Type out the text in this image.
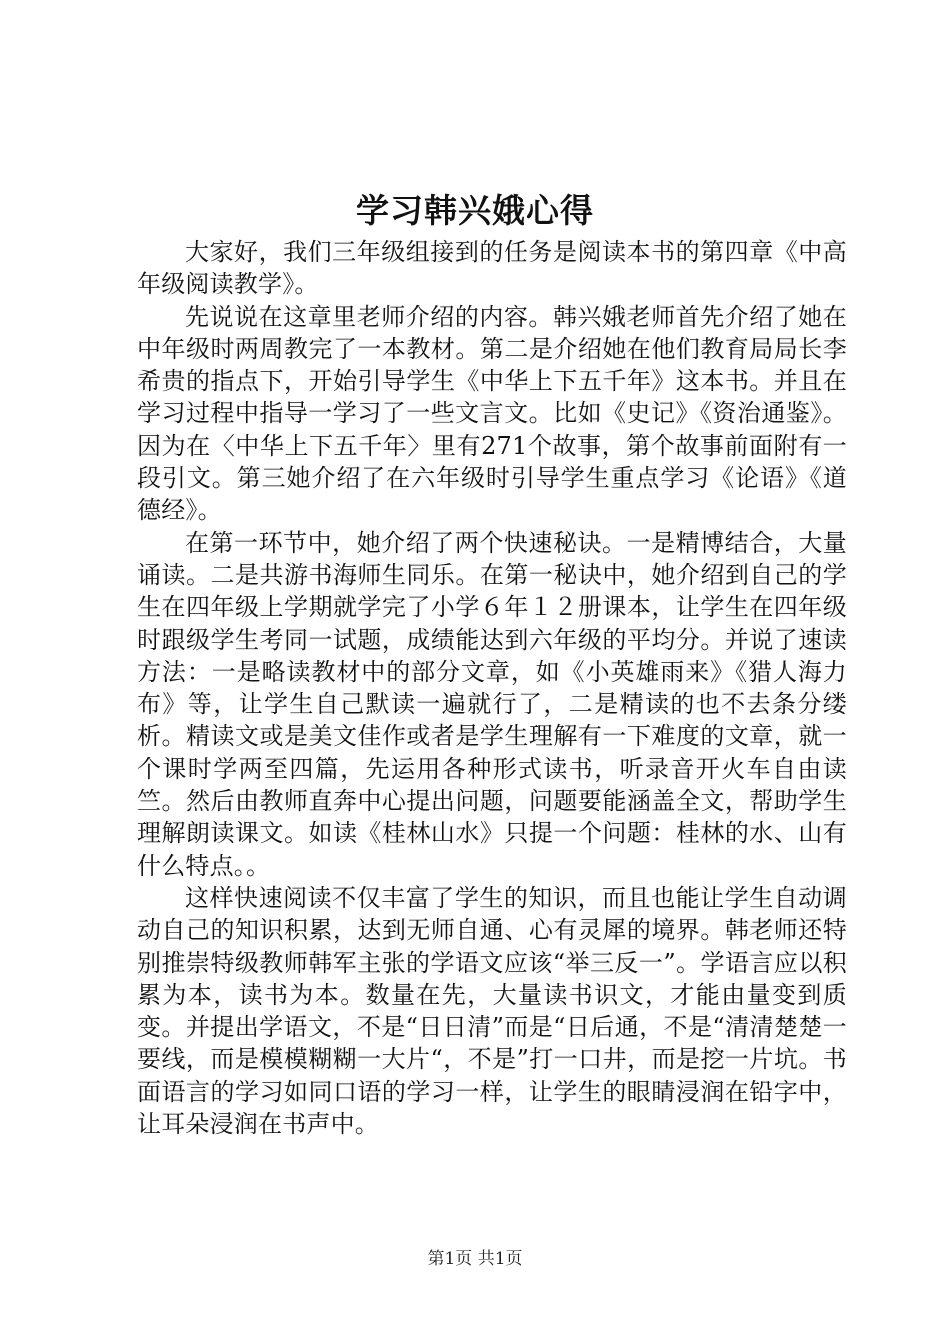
学习韩兴娥心得

大家好，我们三年级组接到的任务是阅读本书的第四章《中高年级阅读教学》。

先说说在这章里老师介绍的内容。韩兴娥老师首先介绍了她在中年级时两周教完了一本教材。第二是介绍她在他们教育局局长李希贵的指点下，开始引导学生《中华上下五千年》这本书。并且在学习过程中指导一学习了一些文言文。比如《史记》《资治通鉴》。因为在〈中华上下五千年〉里有271个故事，第个故事前面附有一段引文。第三她介绍了在六年级时引导学生重点学习《论语》《道德经》。

在第一环节中，她介绍了两个快速秘诀。一是精博结合，大量诵读。二是共游书海师生同乐。在第一秘诀中，她介绍到自己的学生在四年级上学期就学完了小学６年１２册课本，让学生在四年级时跟级学生考同一试题，成绩能达到六年级的平均分。并说了速读方法：一是略读教材中的部分文章，如《小英雄雨来》《猎人海力布》等，让学生自己默读一遍就行了，二是精读的也不去条分缕析。精读文或是美文佳作或者是学生理解有一下难度的文章，就一个课时学两至四篇，先运用各种形式读书，听录音开火车自由读竺。然后由教师直奔中心提出问题，问题要能涵盖全文，帮助学生理解朗读课文。如读《桂林山水》只提一个问题：桂林的水、山有什么特点。。

这样快速阅读不仅丰富了学生的知识，而且也能让学生自动调动自己的知识积累，达到无师自通、心有灵犀的境界。韩老师还特别推崇特级教师韩军主张的学语文应该“举三反一”。学语言应以积累为本，读书为本。数量在先，大量读书识文，才能由量变到质变。并提出学语文，不是“日日清”而是“日后通，不是“清清楚楚一要线，而是模模糊糊一大片“，不是”打一口井，而是挖一片坑。书面语言的学习如同口语的学习一样，让学生的眼睛浸润在铅字中，让耳朵浸润在书声中。

第1页 共1页
